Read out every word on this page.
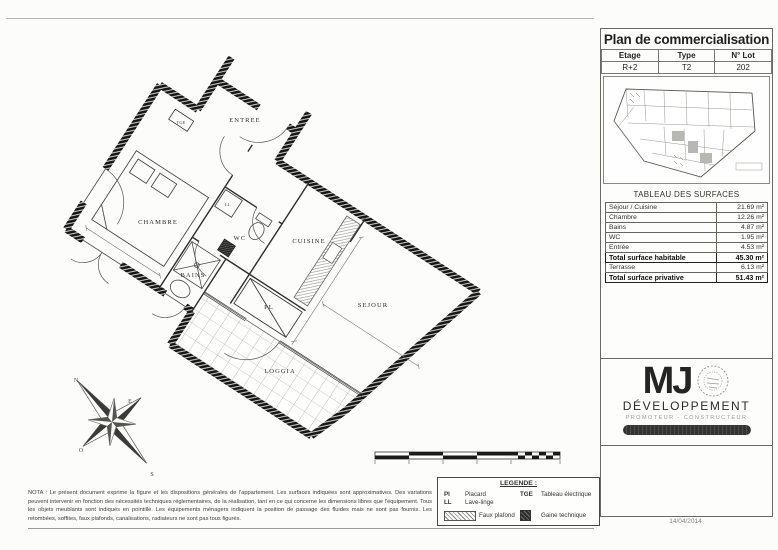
ENTREE
WC	CUISINE
CHAMBRE
BAINS
PL	SEJOUR
LOGGIA
LL
TGE
N
E
O
S
Plan de commercialisation
Etage	Type	N° Lot
R+2	T2	202
TABLEAU DES SURFACES
Séjour / Cuisine	21.69 m²
Chambre	12.26 m²
Bains	4.87 m²
WC	1.95 m²
Entrée	4.53 m²
Total surface habitable	45.30 m²
Terrasse	6.13 m²
Total surface privative	51.43 m²
MJ
DÉVELOPPEMENT
PROMOTEUR - CONSTRUCTEUR
14/04/2014
LEGENDE :
Pl Placard
LL Lave-linge
TGE Tableau électrique
Faux plafond	Gaine technique
NOTA : Le présent document exprime la figure et les dispositions générales de l'appartement. Les surfaces indiquées sont approximatives. Des variations peuvent intervenir en fonction des nécessités techniques réglementaires, de la réalisation, tant en ce qui concerne les dimensions libres que l'équipement. Tous les objets meublants sont indiqués en pointillé. Les équipements ménagers indiquent la position de passage des fluides mais ne sont pas fournis. Les retombées, soffites, faux plafonds, canalisations, radiateurs ne sont pas tous figurés.
